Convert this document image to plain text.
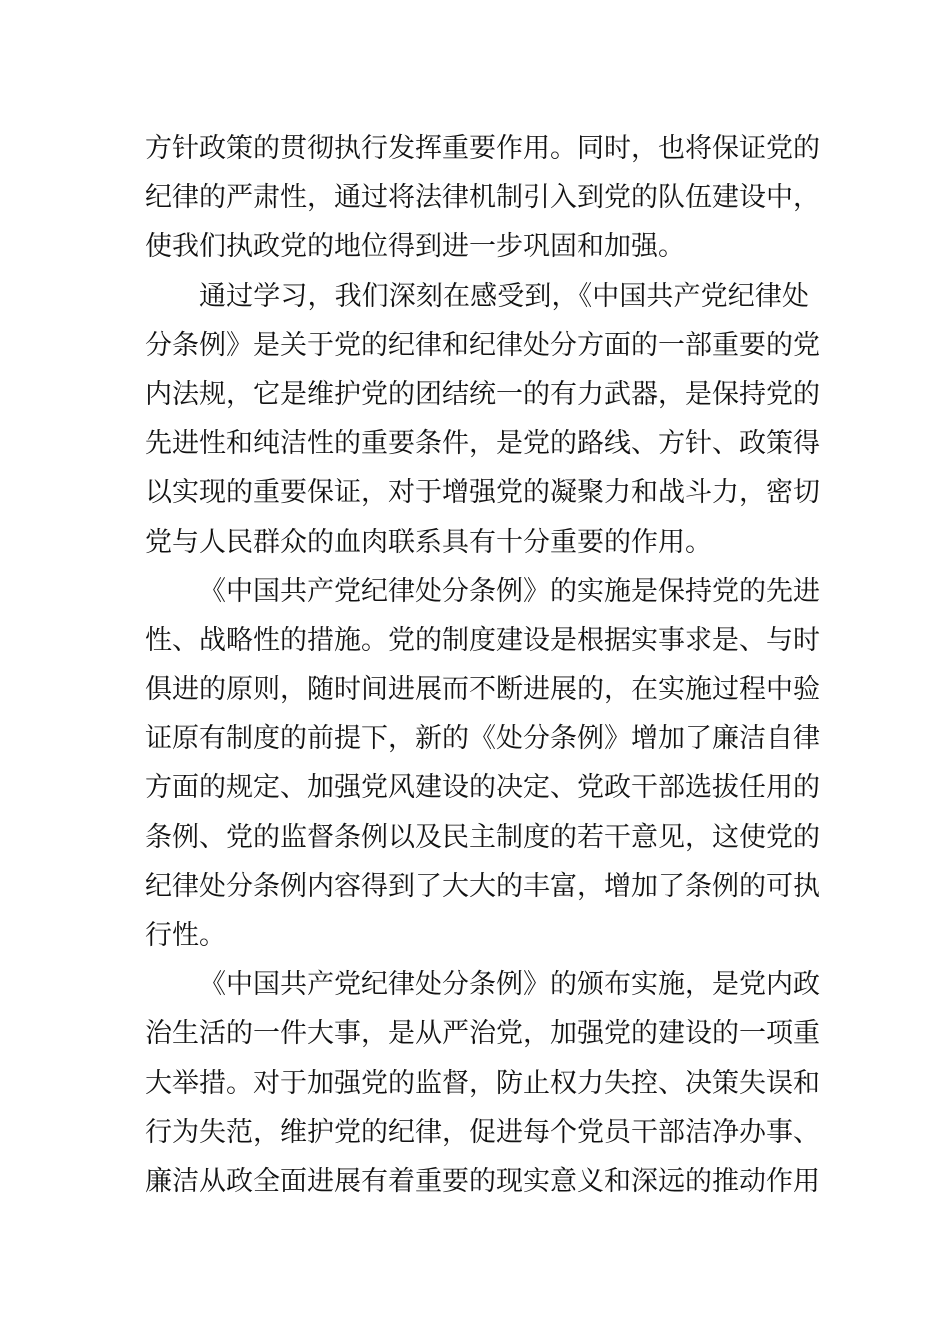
方针政策的贯彻执行发挥重要作用。同时，也将保证党的
纪律的严肃性，通过将法律机制引入到党的队伍建设中，
使我们执政党的地位得到进一步巩固和加强。
通过学习，我们深刻在感受到，《中国共产党纪律处
分条例》是关于党的纪律和纪律处分方面的一部重要的党
内法规，它是维护党的团结统一的有力武器，是保持党的
先进性和纯洁性的重要条件，是党的路线、方针、政策得
以实现的重要保证，对于增强党的凝聚力和战斗力，密切
党与人民群众的血肉联系具有十分重要的作用。
《中国共产党纪律处分条例》的实施是保持党的先进
性、战略性的措施。党的制度建设是根据实事求是、与时
俱进的原则，随时间进展而不断进展的，在实施过程中验
证原有制度的前提下，新的《处分条例》增加了廉洁自律
方面的规定、加强党风建设的决定、党政干部选拔任用的
条例、党的监督条例以及民主制度的若干意见，这使党的
纪律处分条例内容得到了大大的丰富，增加了条例的可执
行性。
《中国共产党纪律处分条例》的颁布实施，是党内政
治生活的一件大事，是从严治党，加强党的建设的一项重
大举措。对于加强党的监督，防止权力失控、决策失误和
行为失范，维护党的纪律，促进每个党员干部洁净办事、
廉洁从政全面进展有着重要的现实意义和深远的推动作用
